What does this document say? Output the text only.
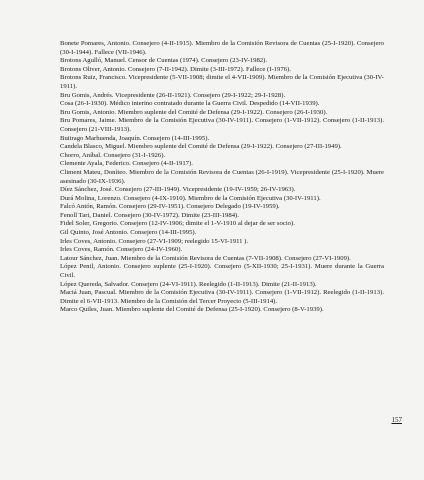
Bonete Pomares, Antonio. Consejero (4-II-1915). Miembro de la Comisión Revisora de Cuentas (25-I-1920). Consejero (30-I-1944). Fallece (VII-1946).

Brotons Agulló, Manuel. Censor de Cuentas (1974). Consejero (23-IV-1982).

Brotons Oliver, Antonio. Consejero (7-II-1942). Dimite (3-III-1972). Fallece (I-1976).

Brotons Ruiz, Francisco. Vicepresidente (5-VII-1908; dimite el 4-VII-1909). Miembro de la Comisión Ejecutiva (30-IV-1911).

Bru Gomis, Andrés. Vicepresidente (26-II-1921). Consejero (29-I-1922; 29-I-1928).

Cosa (26-I-1930). Médico interino contratado durante la Guerra Civil. Despedido (14-VII-1939).

Bru Gomis, Antonio. Miembro suplente del Comité de Defensa (29-I-1922). Consejero (26-I-1930).

Bru Pomares, Jaime. Miembro de la Comisión Ejecutiva (30-IV-1911). Consejero (1-VII-1912). Consejero (1-II-1913). Consejero (21-VIII-1913).

Buitrago Marhuenda, Joaquín. Consejero (14-III-1995).

Candela Blasco, Miguel. Miembro suplente del Comité de Defensa (29-I-1922). Consejero (27-III-1949).

Chorro, Aníbal. Consejero (31-I-1926).

Clemente Ayala, Federico. Consejero (4-II-1917).

Climent Mateu, Doníteo. Miembro de la Comisión Revisora de Cuentas (26-I-1919). Vicepresidente (25-I-1920). Muere asesinado (30-IX-1936).

Díez Sánchez, José. Consejero (27-III-1949). Vicepresidente (19-IV-1959; 26-IV-1963).

Durá Molina, Lorenzo. Consejero (4-IX-1910). Miembro de la Comisión Ejecutiva (30-IV-1911).

Falcó Antón, Ramón. Consejero (29-IV-1951). Consejero Delegado (19-IV-1959).

Fenoll Tari, Daniel. Consejero (30-IV-1972). Dimite (23-III-1984).

Fidel Soler, Gregorio. Consejero (12-IV-1906; dimite el 1-V-1910 al dejar de ser socio).

Gil Quinto, José Antonio. Consejero (14-III-1995).

Irles Coves, Antonio. Consejero (27-VI-1909; reelegido 15-VI-1911 ).

Irles Coves, Ramón. Consejero (24-IV-1960).

Latour Sánchez, Juan. Miembro de la Comisión Revisora de Cuentas (7-VII-1908). Consejero (27-VI-1909).

López Penil, Antonio. Consejero suplente (25-I-1920). Consejero (5-XII-1930; 25-I-1931). Muere durante la Guerra Civil.

López Quereda, Salvador. Consejero (24-VI-1911). Reelegido (1-II-1913). Dimite (21-II-1913).

Maciá Juan, Pascual. Miembro de la Comisión Ejecutiva (30-IV-1911). Consejero (1-VII-1912). Reelegido (1-II-1913). Dimite el 6-VII-1913. Miembro de la Comisión del Tercer Proyecto (5-III-1914).

Marco Quiles, Juan. Miembro suplente del Comité de Defensa (25-I-1920). Consejero (8-V-1939).

157
